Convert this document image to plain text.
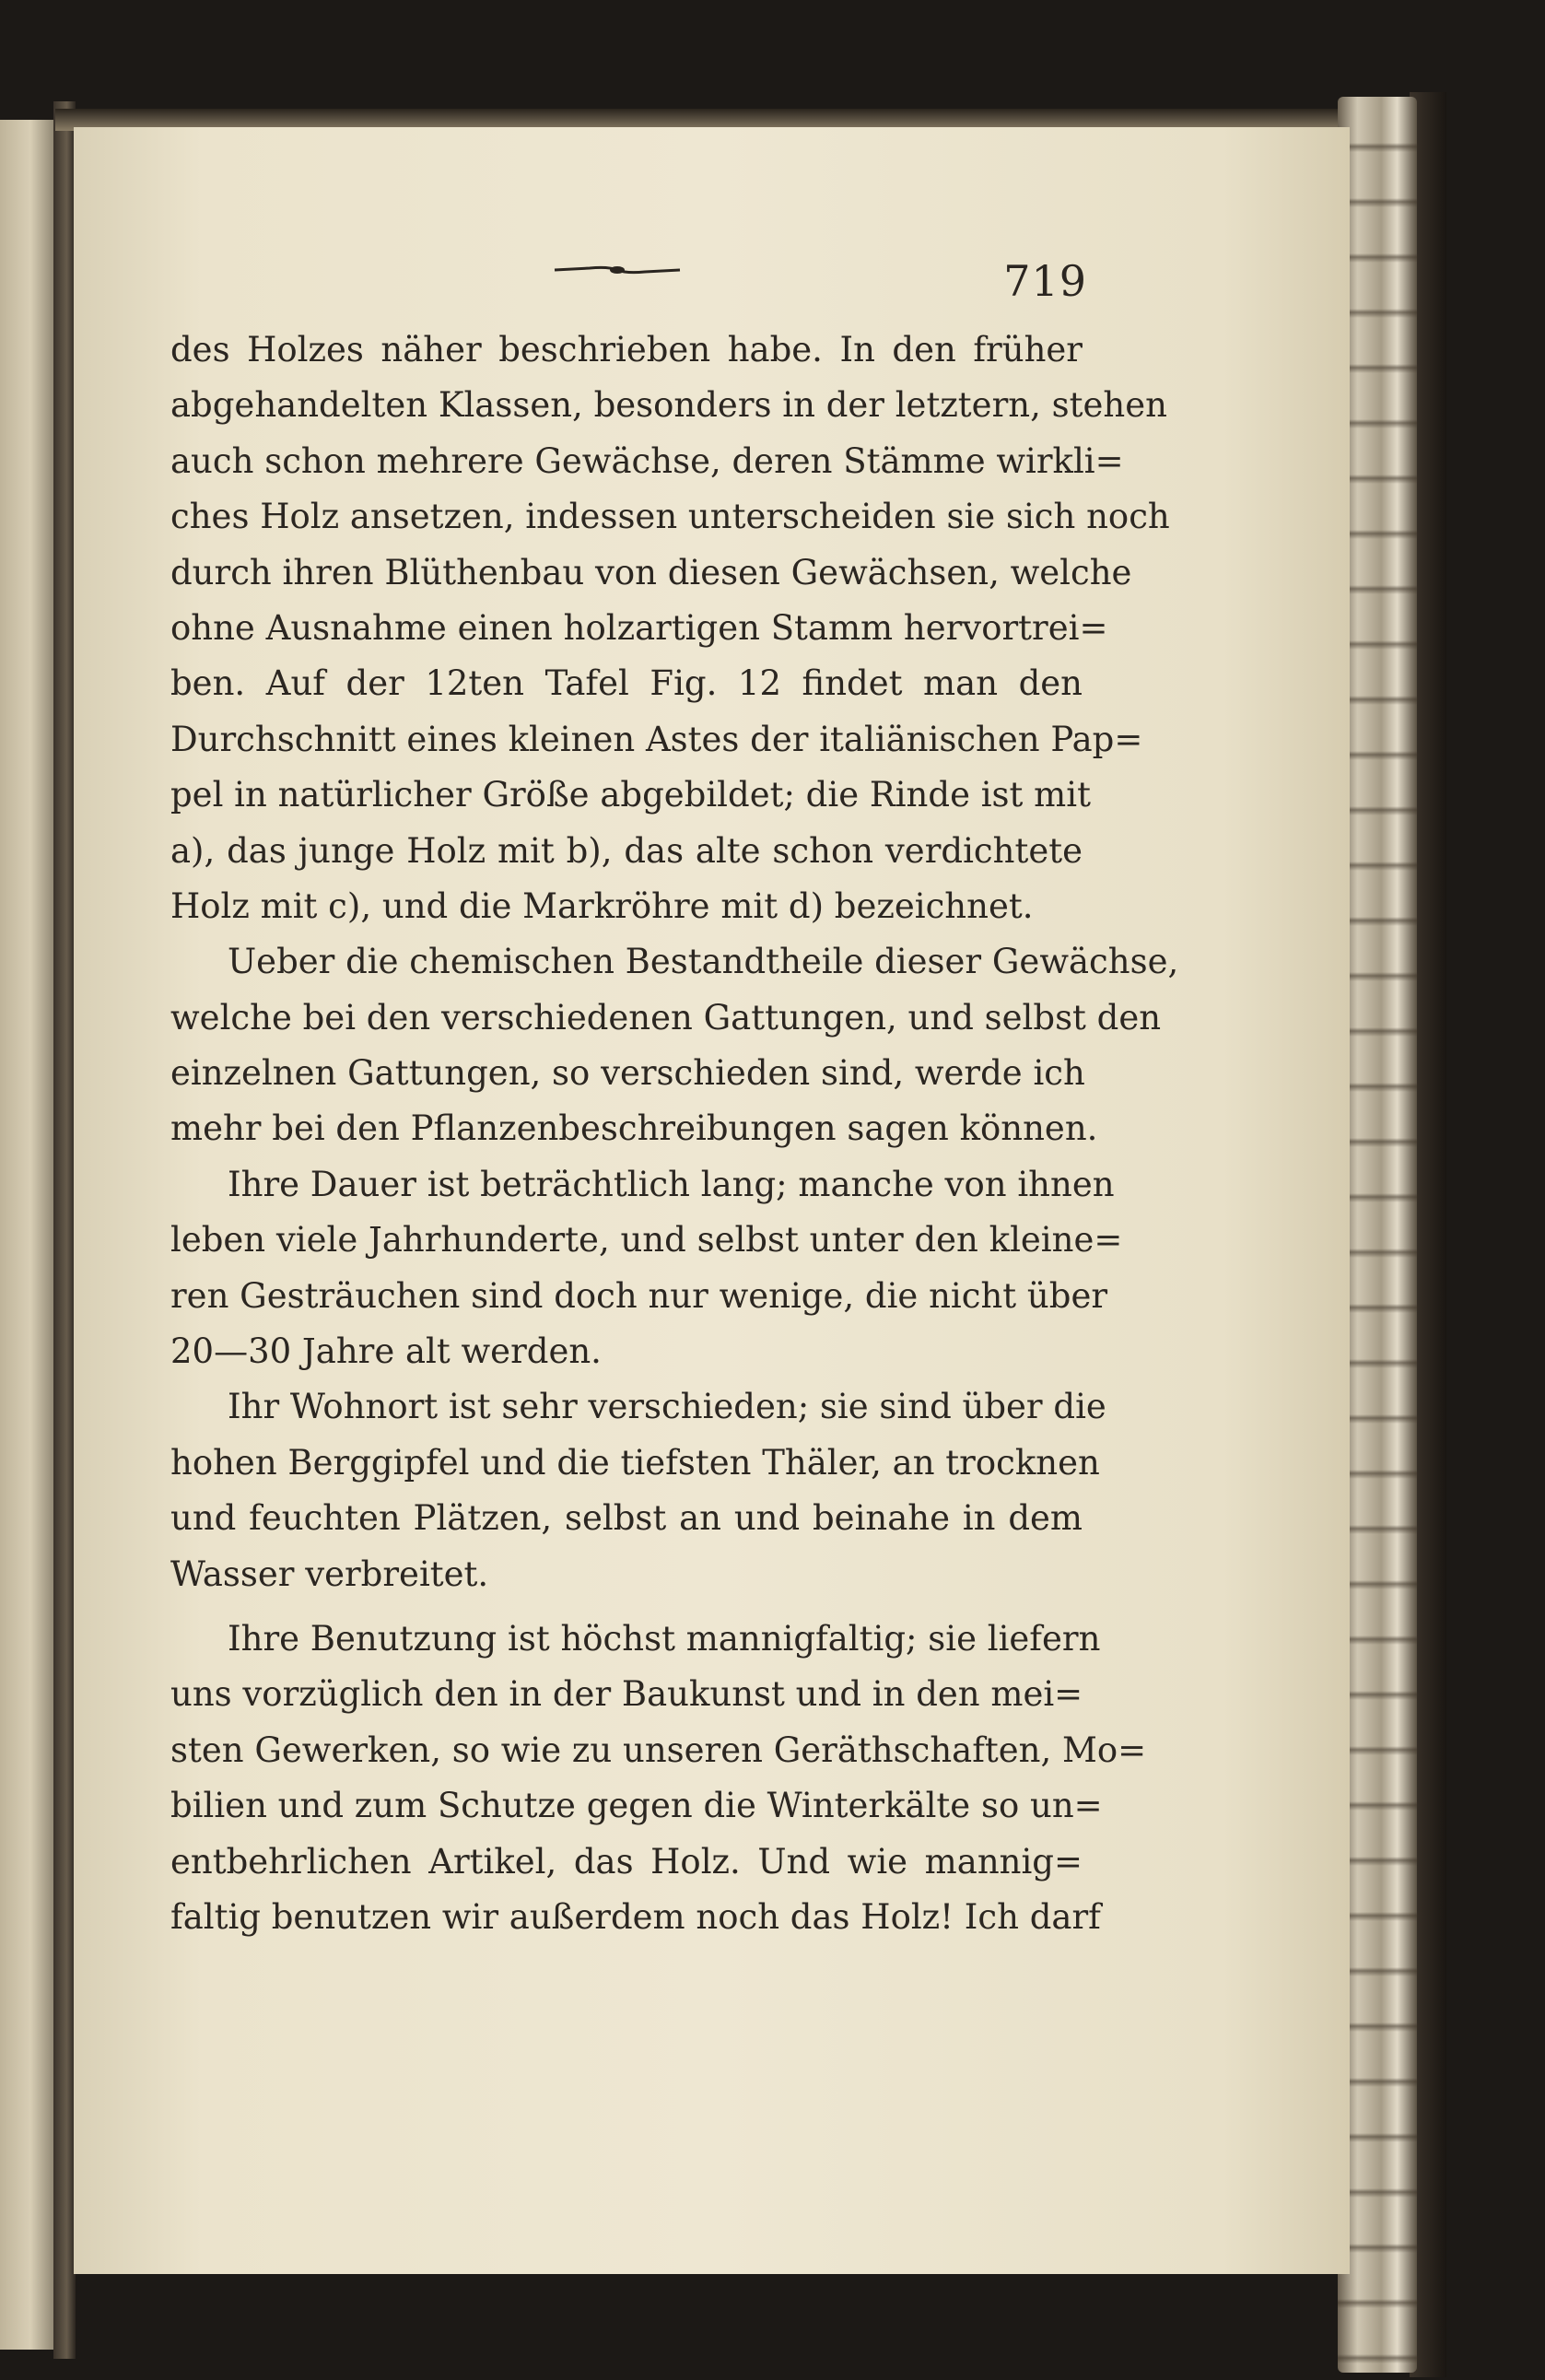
719
des Holzes näher beschrieben habe. In den früher
abgehandelten Klassen, besonders in der letztern, stehen
auch schon mehrere Gewächse, deren Stämme wirkli=
ches Holz ansetzen, indessen unterscheiden sie sich noch
durch ihren Blüthenbau von diesen Gewächsen, welche
ohne Ausnahme einen holzartigen Stamm hervortrei=
ben. Auf der 12ten Tafel Fig. 12 findet man den
Durchschnitt eines kleinen Astes der italiänischen Pap=
pel in natürlicher Größe abgebildet; die Rinde ist mit
a), das junge Holz mit b), das alte schon verdichtete
Holz mit c), und die Markröhre mit d) bezeichnet.
Ueber die chemischen Bestandtheile dieser Gewächse,
welche bei den verschiedenen Gattungen, und selbst den
einzelnen Gattungen, so verschieden sind, werde ich
mehr bei den Pflanzenbeschreibungen sagen können.
Ihre Dauer ist beträchtlich lang; manche von ihnen
leben viele Jahrhunderte, und selbst unter den kleine=
ren Gesträuchen sind doch nur wenige, die nicht über
20—30 Jahre alt werden.
Ihr Wohnort ist sehr verschieden; sie sind über die
hohen Berggipfel und die tiefsten Thäler, an trocknen
und feuchten Plätzen, selbst an und beinahe in dem
Wasser verbreitet.
Ihre Benutzung ist höchst mannigfaltig; sie liefern
uns vorzüglich den in der Baukunst und in den mei=
sten Gewerken, so wie zu unseren Geräthschaften, Mo=
bilien und zum Schutze gegen die Winterkälte so un=
entbehrlichen Artikel, das Holz. Und wie mannig=
faltig benutzen wir außerdem noch das Holz! Ich darf
